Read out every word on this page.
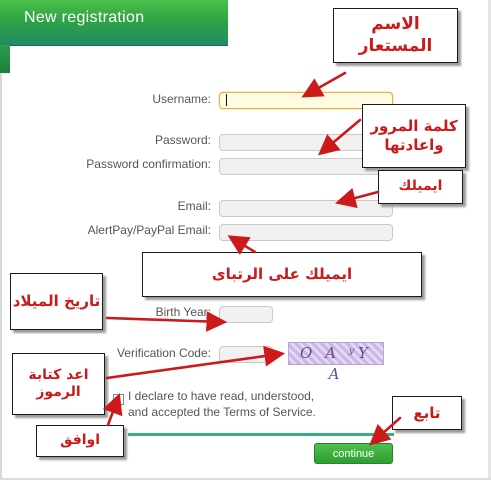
New registration
Username:
Password:
Password confirmation:
Email:
AlertPay/PayPal Email:
Birth Year:
Verification Code:	O A ʸY A
I declare to have read, understood,
and accepted the Terms of Service.
continue
الاسم المستعار
كلمة المرور واعادتها
ايميلك
ايميلك على الرتباى
تاريخ الميلاد
اعد كتابة الرموز
تابع
اوافق
